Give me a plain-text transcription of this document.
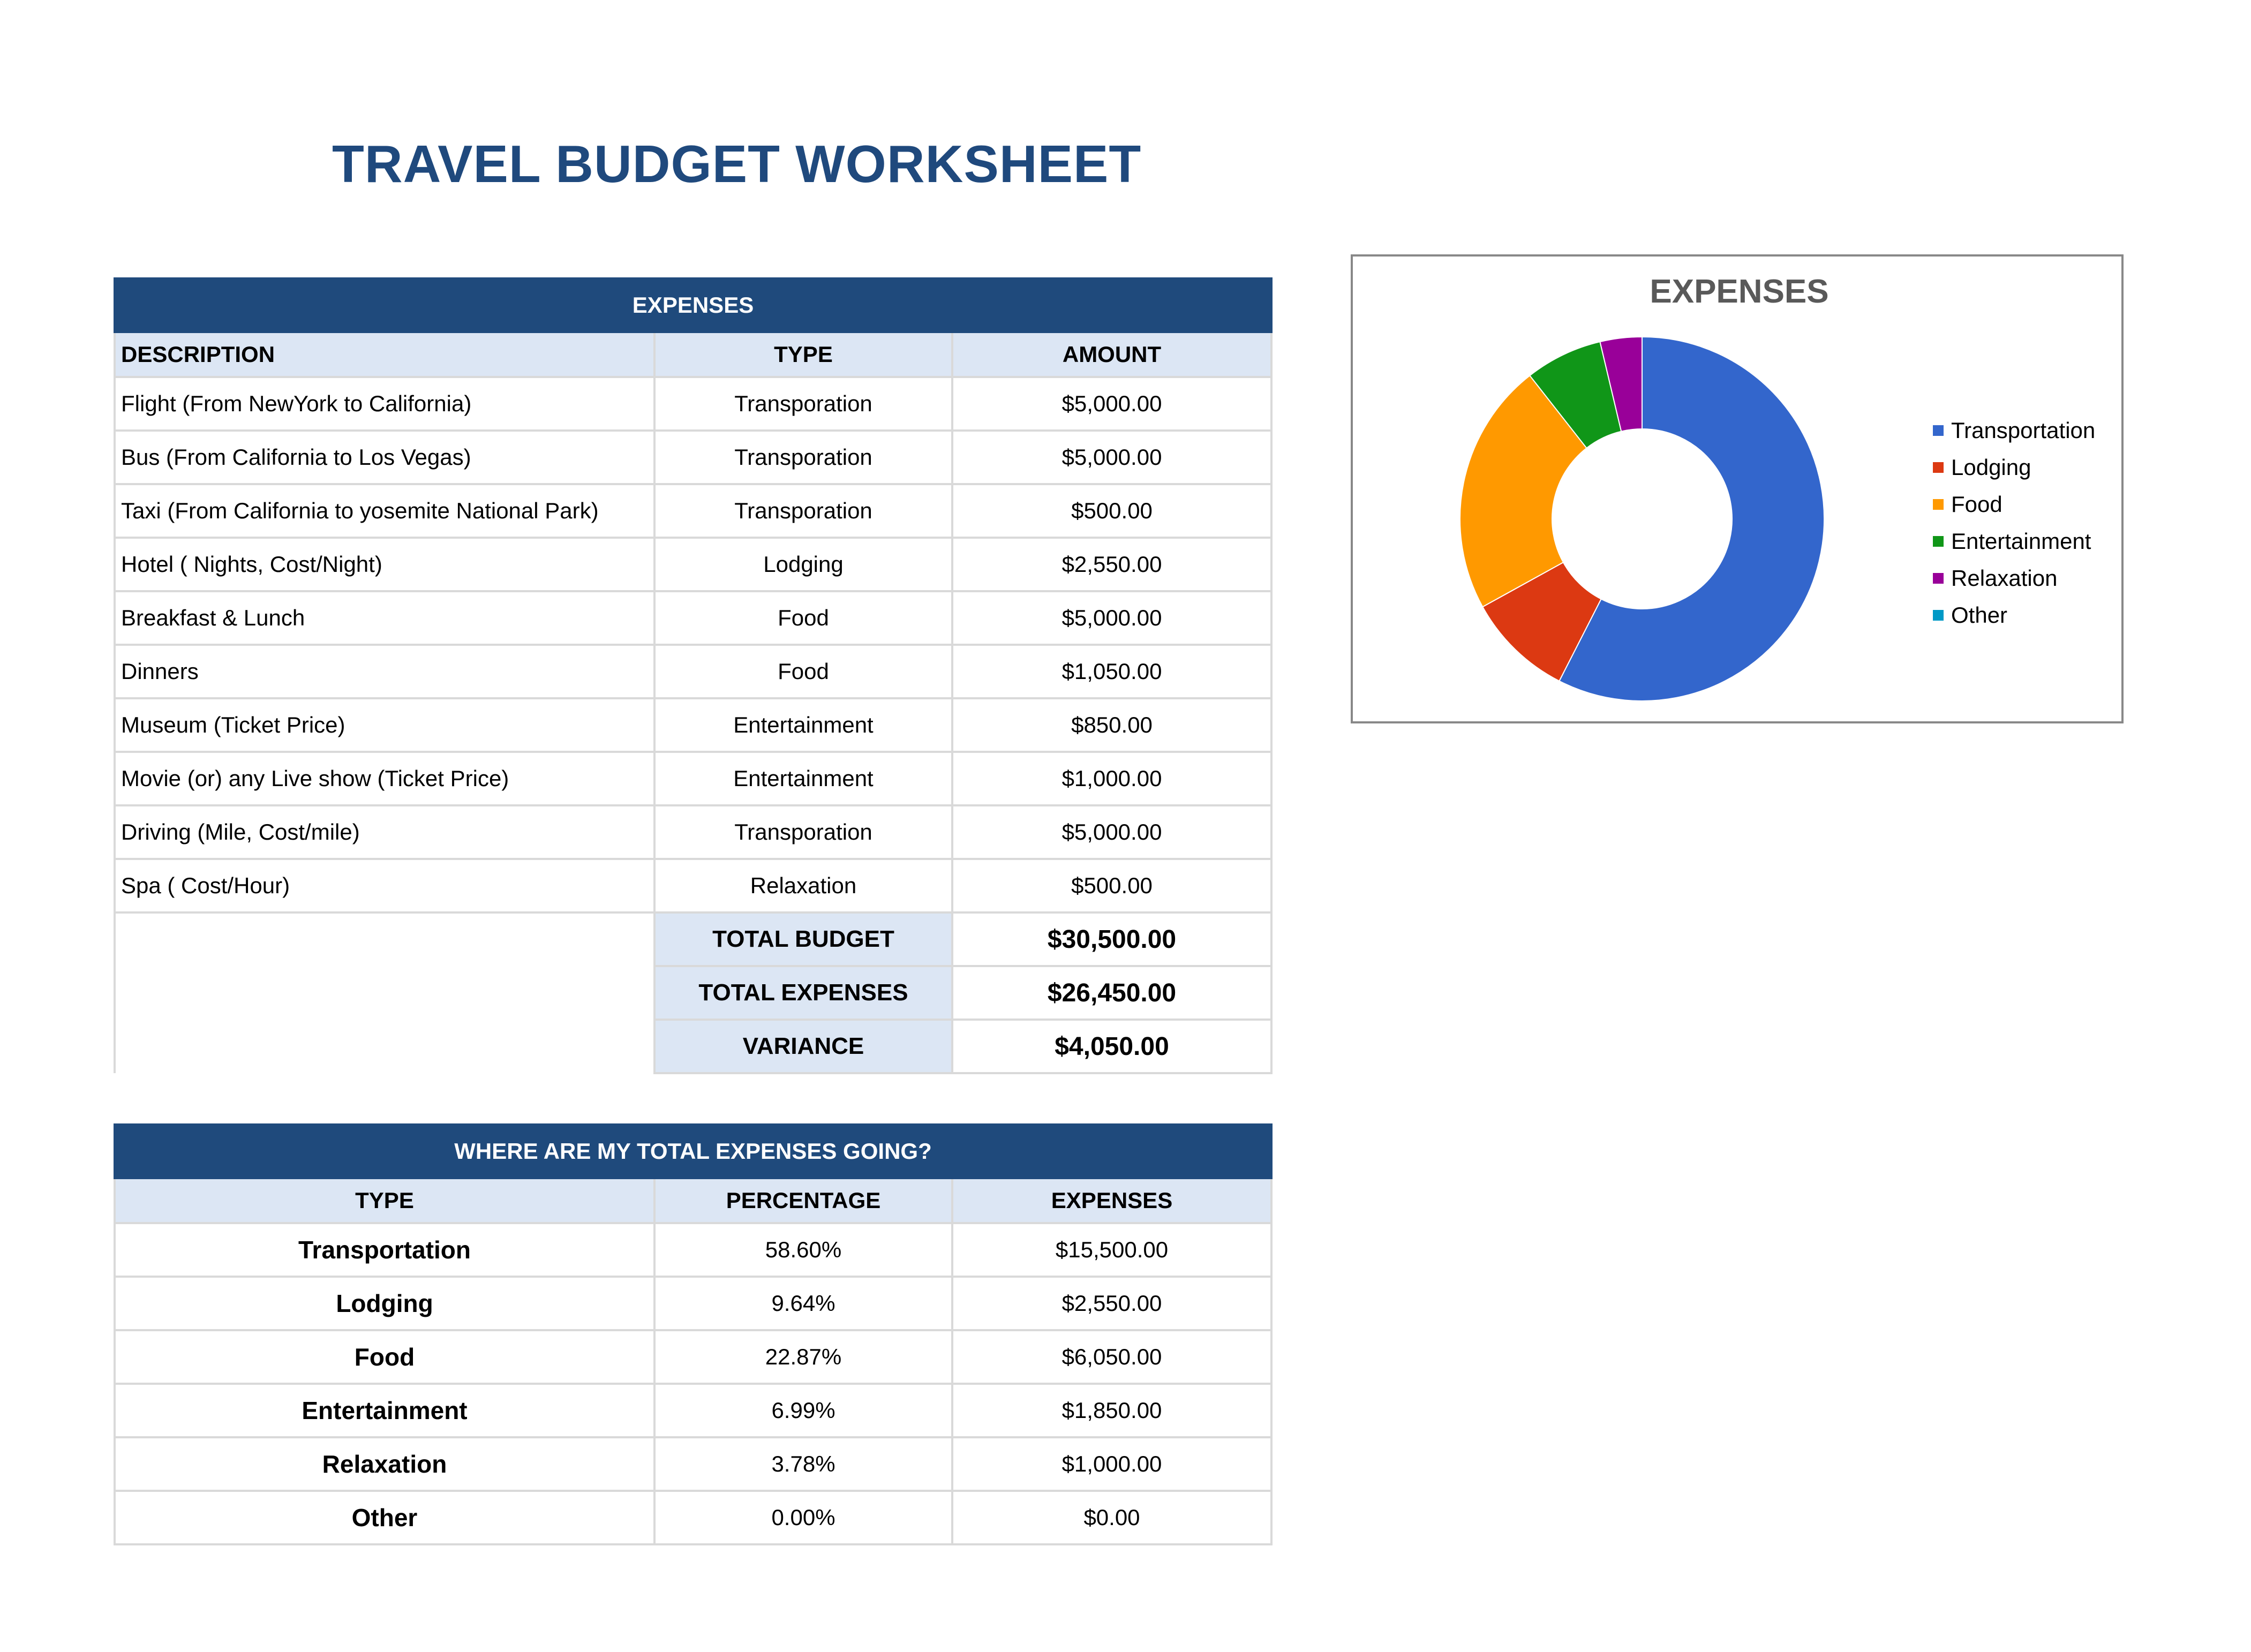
TRAVEL BUDGET WORKSHEET
EXPENSES		
DESCRIPTION	TYPE	AMOUNT
Flight (From NewYork to California)	Transporation	$5,000.00
Bus (From California to Los Vegas)	Transporation	$5,000.00
Taxi (From California to yosemite National Park)	Transporation	$500.00
Hotel ( Nights, Cost/Night)	Lodging	$2,550.00
Breakfast & Lunch	Food	$5,000.00
Dinners	Food	$1,050.00
Museum (Ticket Price)	Entertainment	$850.00
Movie (or) any Live show (Ticket Price)	Entertainment	$1,000.00
Driving (Mile, Cost/mile)	Transporation	$5,000.00
Spa ( Cost/Hour)	Relaxation	$500.00
	TOTAL BUDGET	$30,500.00
	TOTAL EXPENSES	$26,450.00
	VARIANCE	$4,050.00
WHERE ARE MY TOTAL EXPENSES GOING?		
TYPE	PERCENTAGE	EXPENSES
Transportation	58.60%	$15,500.00
Lodging	9.64%	$2,550.00
Food	22.87%	$6,050.00
Entertainment	6.99%	$1,850.00
Relaxation	3.78%	$1,000.00
Other	0.00%	$0.00
EXPENSES
Transportation
Lodging
Food
Entertainment
Relaxation
Other
